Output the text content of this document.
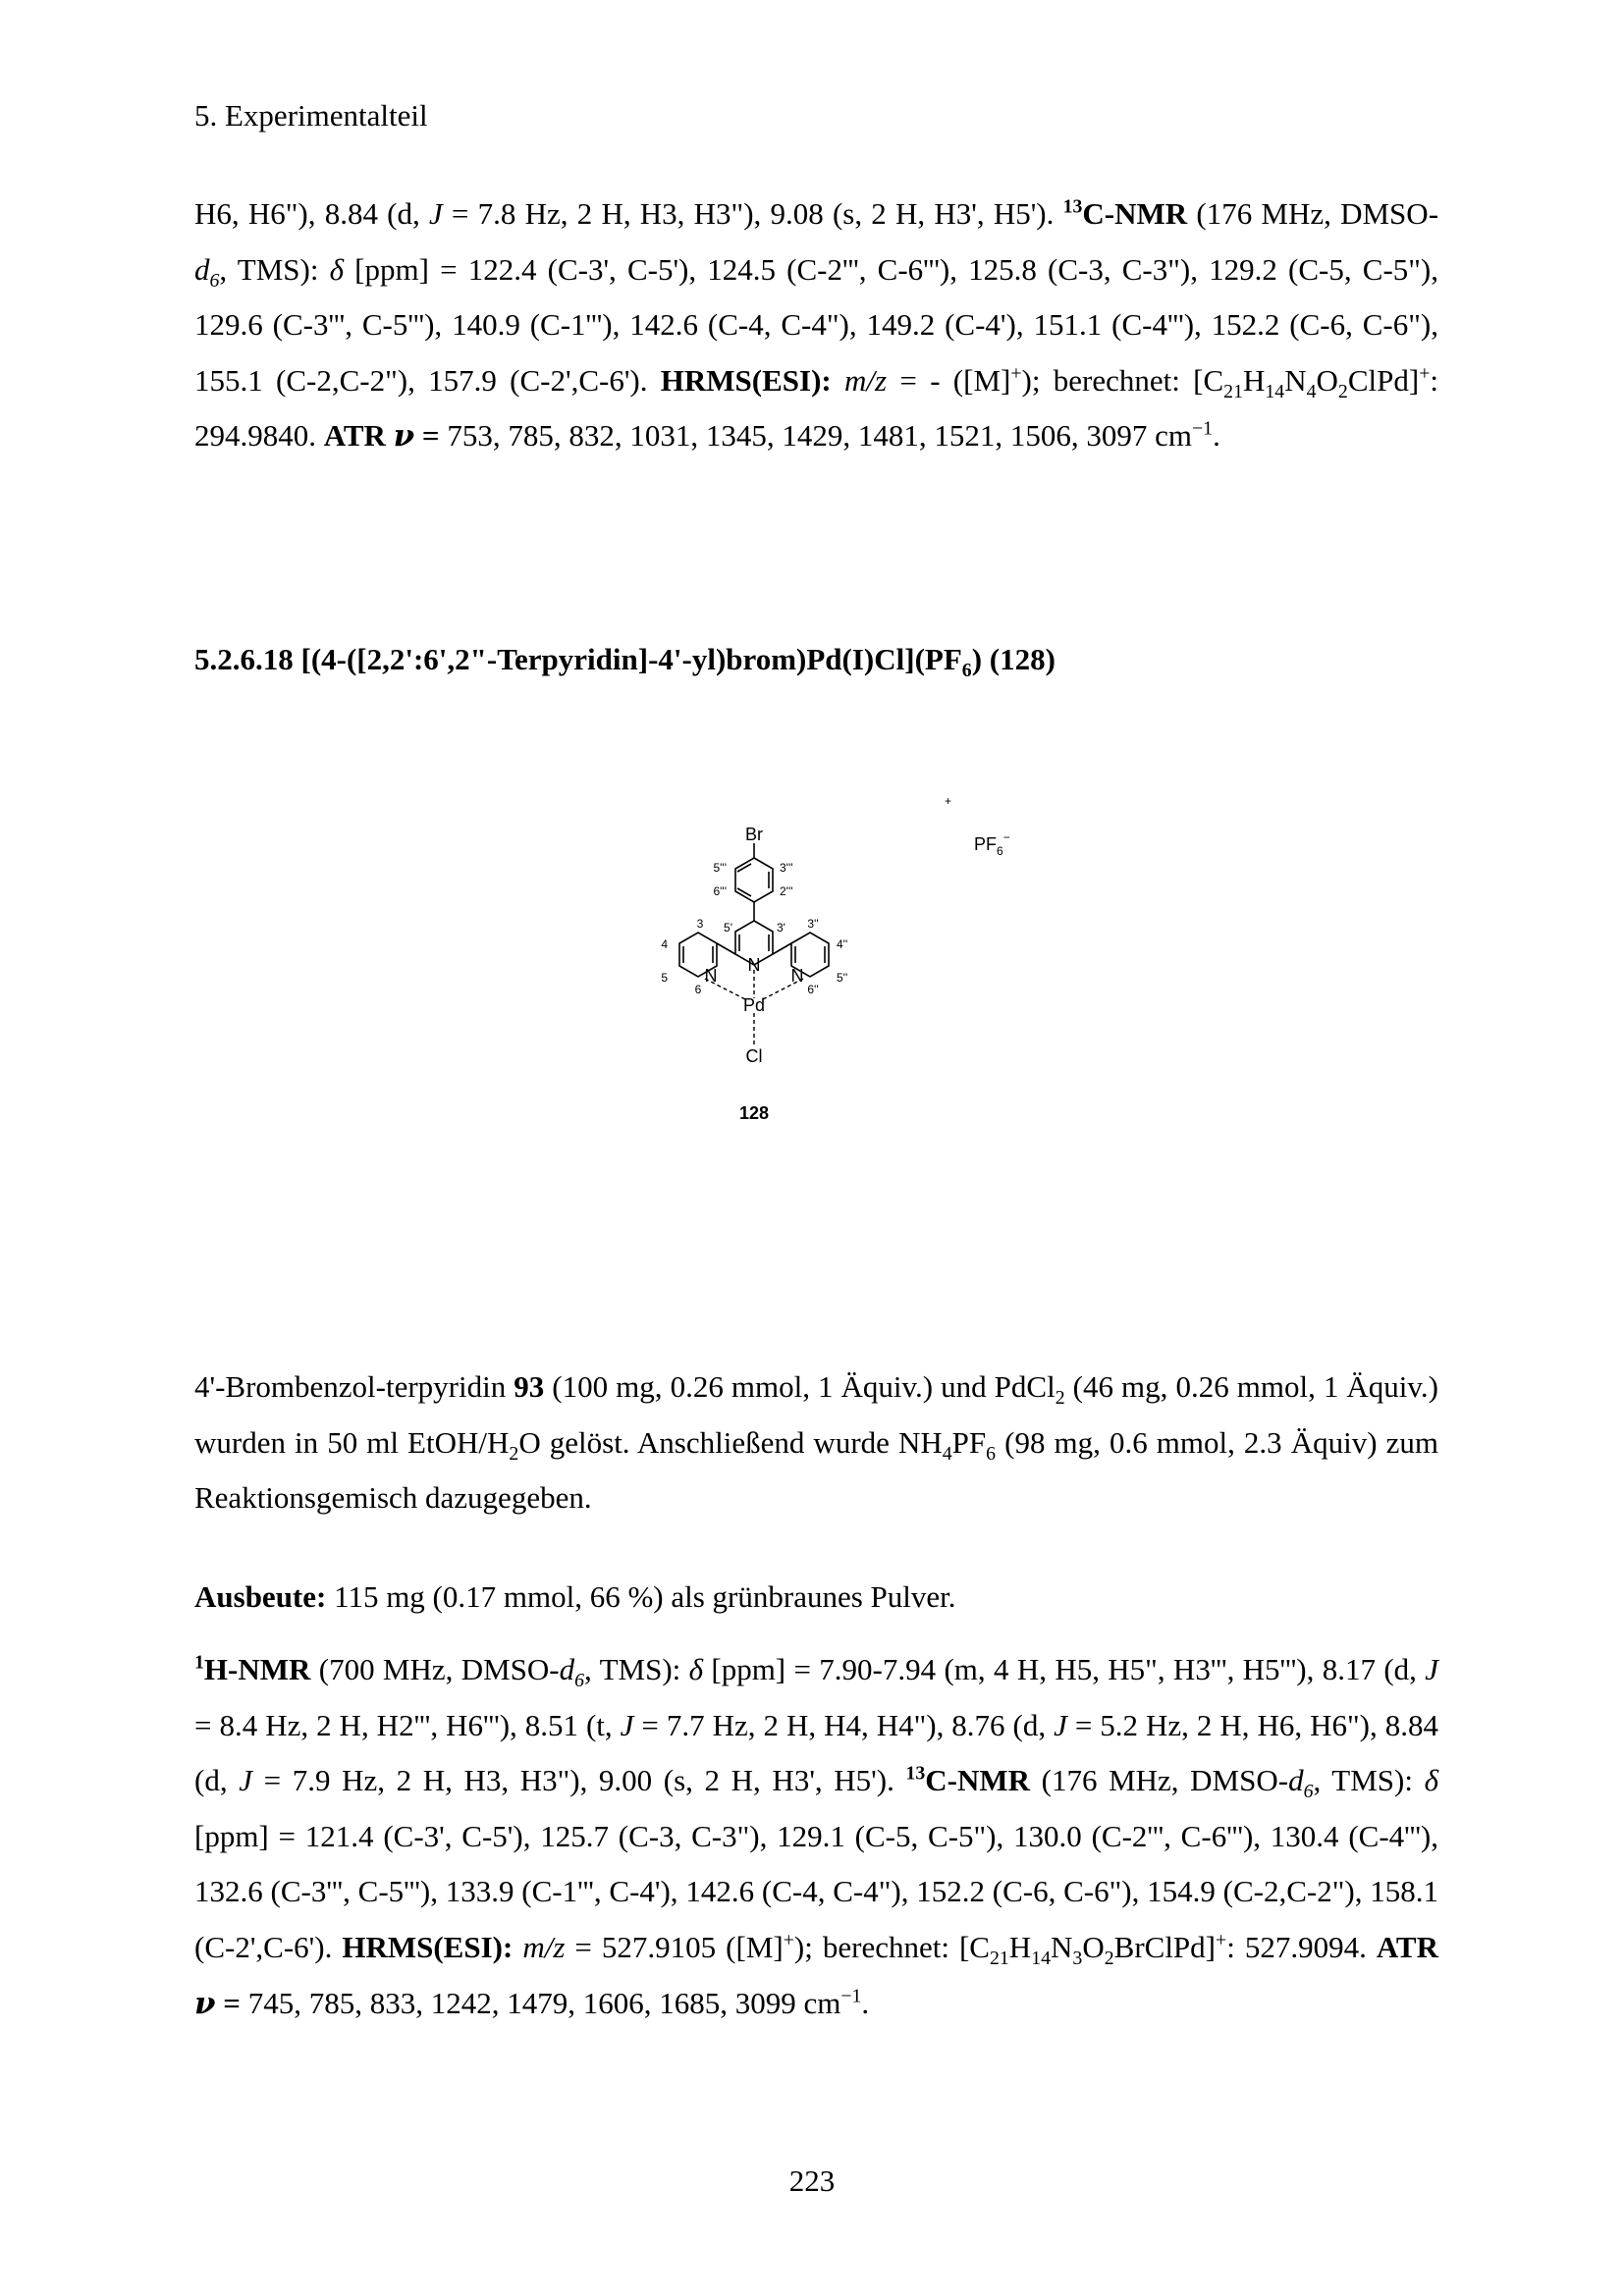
5. Experimentalteil
H6, H6"), 8.84 (d, J = 7.8 Hz, 2 H, H3, H3"), 9.08 (s, 2 H, H3', H5'). $^{13}$C-NMR (176 MHz, DMSO-$d_6$, TMS): δ [ppm] = 122.4 (C-3', C-5'), 124.5 (C-2''', C-6'''), 125.8 (C-3, C-3"), 129.2 (C-5, C-5"), 129.6 (C-3''', C-5'''), 140.9 (C-1'''), 142.6 (C-4, C-4"), 149.2 (C-4'), 151.1 (C-4'''), 152.2 (C-6, C-6"), 155.1 (C-2,C-2"), 157.9 (C-2',C-6'). HRMS(ESI): m/z = - ([M]+); berechnet: $[C_{21}H_{14}N_4O_2ClPd]^+$: 294.9840. ATR ν = 753, 785, 832, 1031, 1345, 1429, 1481, 1521, 1506, 3097 $cm^{-1}$.
5.2.6.18 $[(4-([2,2':6',2"-Terpyridin]-4'-yl)brom)Pd(I)Cl](PF_6)$ (128)
Br
N
N	N
Pd
Cl
128
$PF_6^-$
+
5'''	3'''
6'''	2'''
5'	3'
3
4
5
6
3''
4''
5''
6''
4'-Brombenzol-terpyridin 93 (100 mg, 0.26 mmol, 1 Äquiv.) und PdCl$_2$ (46 mg, 0.26 mmol, 1 Äquiv.) wurden in 50 ml EtOH/$H_2O$ gelöst. Anschließend wurde $NH_4PF_6$ (98 mg, 0.6 mmol, 2.3 Äquiv) zum Reaktionsgemisch dazugegeben.
Ausbeute: 115 mg (0.17 mmol, 66 %) als grünbraunes Pulver.
$^1$H-NMR (700 MHz, DMSO-$d_6$, TMS): δ [ppm] = 7.90-7.94 (m, 4 H, H5, H5", H3''', H5'''), 8.17 (d, J = 8.4 Hz, 2 H, H2''', H6'''), 8.51 (t, J = 7.7 Hz, 2 H, H4, H4"), 8.76 (d, J = 5.2 Hz, 2 H, H6, H6"), 8.84 (d, J = 7.9 Hz, 2 H, H3, H3"), 9.00 (s, 2 H, H3', H5'). $^{13}$C-NMR (176 MHz, DMSO-$d_6$, TMS): δ [ppm] = 121.4 (C-3', C-5'), 125.7 (C-3, C-3"), 129.1 (C-5, C-5"), 130.0 (C-2''', C-6'''), 130.4 (C-4'''), 132.6 (C-3''', C-5'''), 133.9 (C-1''', C-4'), 142.6 (C-4, C-4"), 152.2 (C-6, C-6"), 154.9 (C-2,C-2"), 158.1 (C-2',C-6'). HRMS(ESI): m/z = 527.9105 ([M]+); berechnet: $[C_{21}H_{14}N_3O_2BrClPd]^+$: 527.9094. ATR ν = 745, 785, 833, 1242, 1479, 1606, 1685, 3099 $cm^{-1}$.
223
